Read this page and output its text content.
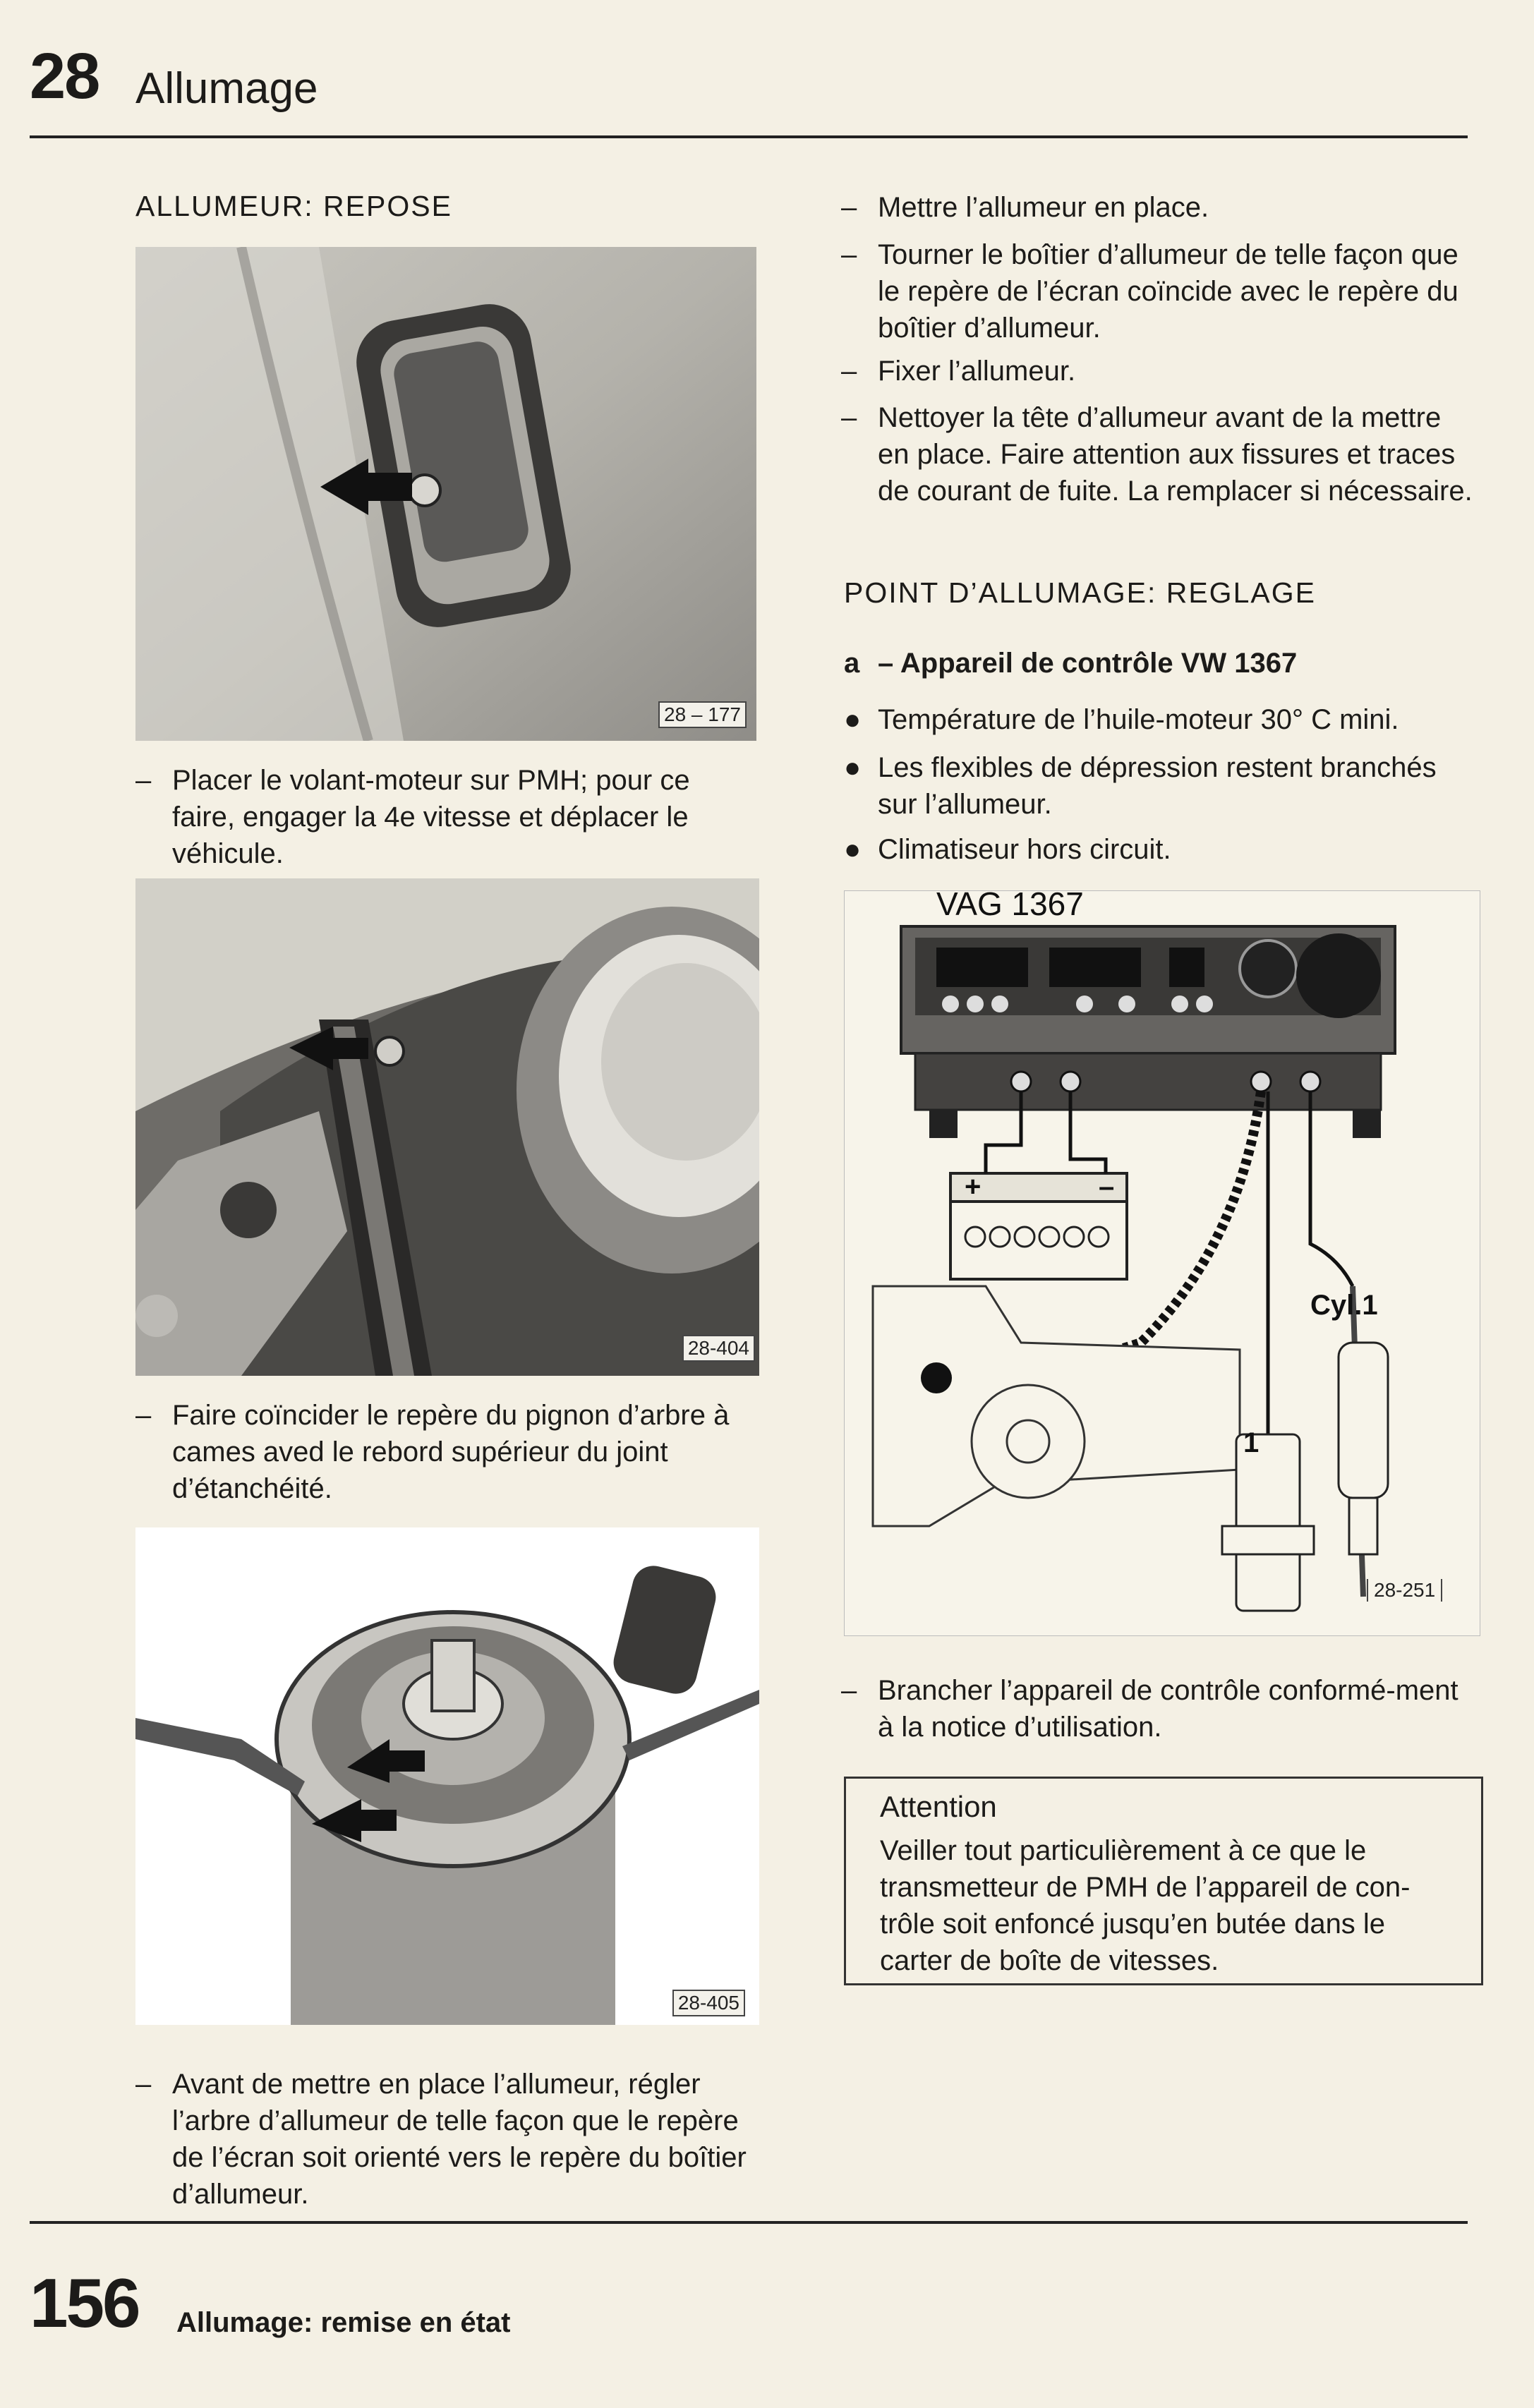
28 Allumage
ALLUMEUR: REPOSE
28 – 177
– Placer le volant-moteur sur PMH; pour ce faire, engager la 4e vitesse et déplacer le véhicule.
28-404
– Faire coïncider le repère du pignon d’arbre à cames aved le rebord supérieur du joint d’étanchéité.
28-405
– Avant de mettre en place l’allumeur, régler l’arbre d’allumeur de telle façon que le repère de l’écran soit orienté vers le repère du boîtier d’allumeur.
– Mettre l’allumeur en place.
– Tourner le boîtier d’allumeur de telle façon que le repère de l’écran coïncide avec le repère du boîtier d’allumeur.
– Fixer l’allumeur.
– Nettoyer la tête d’allumeur avant de la mettre en place. Faire attention aux fissures et traces de courant de fuite. La remplacer si nécessaire.
POINT D’ALLUMAGE: REGLAGE
a – Appareil de contrôle VW 1367
● Température de l’huile-moteur 30° C mini.
● Les flexibles de dépression restent branchés sur l’allumeur.
● Climatiseur hors circuit.
+	–
VAG 1367
Cyl.1
1
28-251
– Brancher l’appareil de contrôle conformé-ment à la notice d’utilisation.
Attention
Veiller tout particulièrement à ce que le transmetteur de PMH de l’appareil de con-trôle soit enfoncé jusqu’en butée dans le carter de boîte de vitesses.
156 Allumage: remise en état
